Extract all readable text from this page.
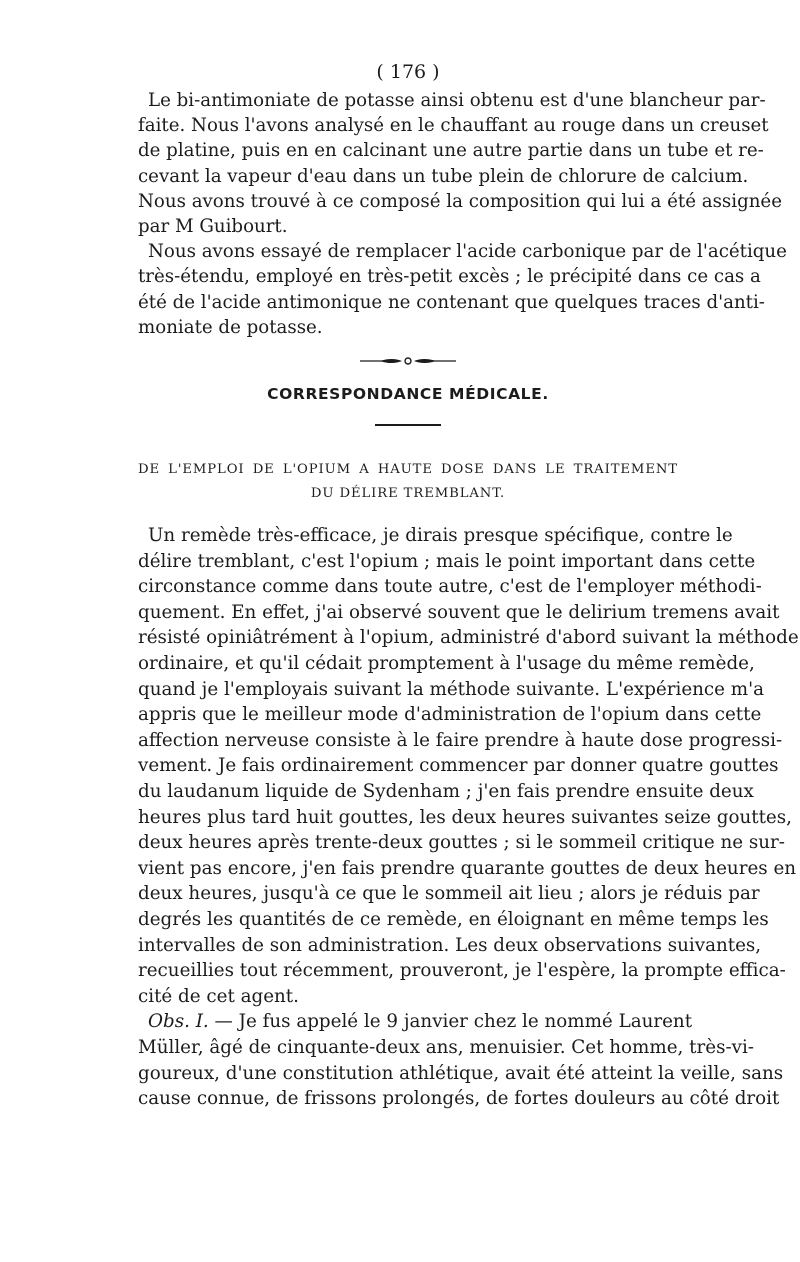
( 176 )
Le bi-antimoniate de potasse ainsi obtenu est d'une blancheur par-
faite. Nous l'avons analysé en le chauffant au rouge dans un creuset
de platine, puis en en calcinant une autre partie dans un tube et re-
cevant la vapeur d'eau dans un tube plein de chlorure de calcium.
Nous avons trouvé à ce composé la composition qui lui a été assignée
par M Guibourt.
Nous avons essayé de remplacer l'acide carbonique par de l'acétique
très-étendu, employé en très-petit excès ; le précipité dans ce cas a
été de l'acide antimonique ne contenant que quelques traces d'anti-
moniate de potasse.
CORRESPONDANCE MÉDICALE.
DE L'EMPLOI DE L'OPIUM A HAUTE DOSE DANS LE TRAITEMENT
DU DÉLIRE TREMBLANT.
Un remède très-efficace, je dirais presque spécifique, contre le
délire tremblant, c'est l'opium ; mais le point important dans cette
circonstance comme dans toute autre, c'est de l'employer méthodi-
quement. En effet, j'ai observé souvent que le delirium tremens avait
résisté opiniâtrément à l'opium, administré d'abord suivant la méthode
ordinaire, et qu'il cédait promptement à l'usage du même remède,
quand je l'employais suivant la méthode suivante. L'expérience m'a
appris que le meilleur mode d'administration de l'opium dans cette
affection nerveuse consiste à le faire prendre à haute dose progressi-
vement. Je fais ordinairement commencer par donner quatre gouttes
du laudanum liquide de Sydenham ; j'en fais prendre ensuite deux
heures plus tard huit gouttes, les deux heures suivantes seize gouttes,
deux heures après trente-deux gouttes ; si le sommeil critique ne sur-
vient pas encore, j'en fais prendre quarante gouttes de deux heures en
deux heures, jusqu'à ce que le sommeil ait lieu ; alors je réduis par
degrés les quantités de ce remède, en éloignant en même temps les
intervalles de son administration. Les deux observations suivantes,
recueillies tout récemment, prouveront, je l'espère, la prompte effica-
cité de cet agent.
Obs. I. — Je fus appelé le 9 janvier chez le nommé Laurent
Müller, âgé de cinquante-deux ans, menuisier. Cet homme, très-vi-
goureux, d'une constitution athlétique, avait été atteint la veille, sans
cause connue, de frissons prolongés, de fortes douleurs au côté droit
